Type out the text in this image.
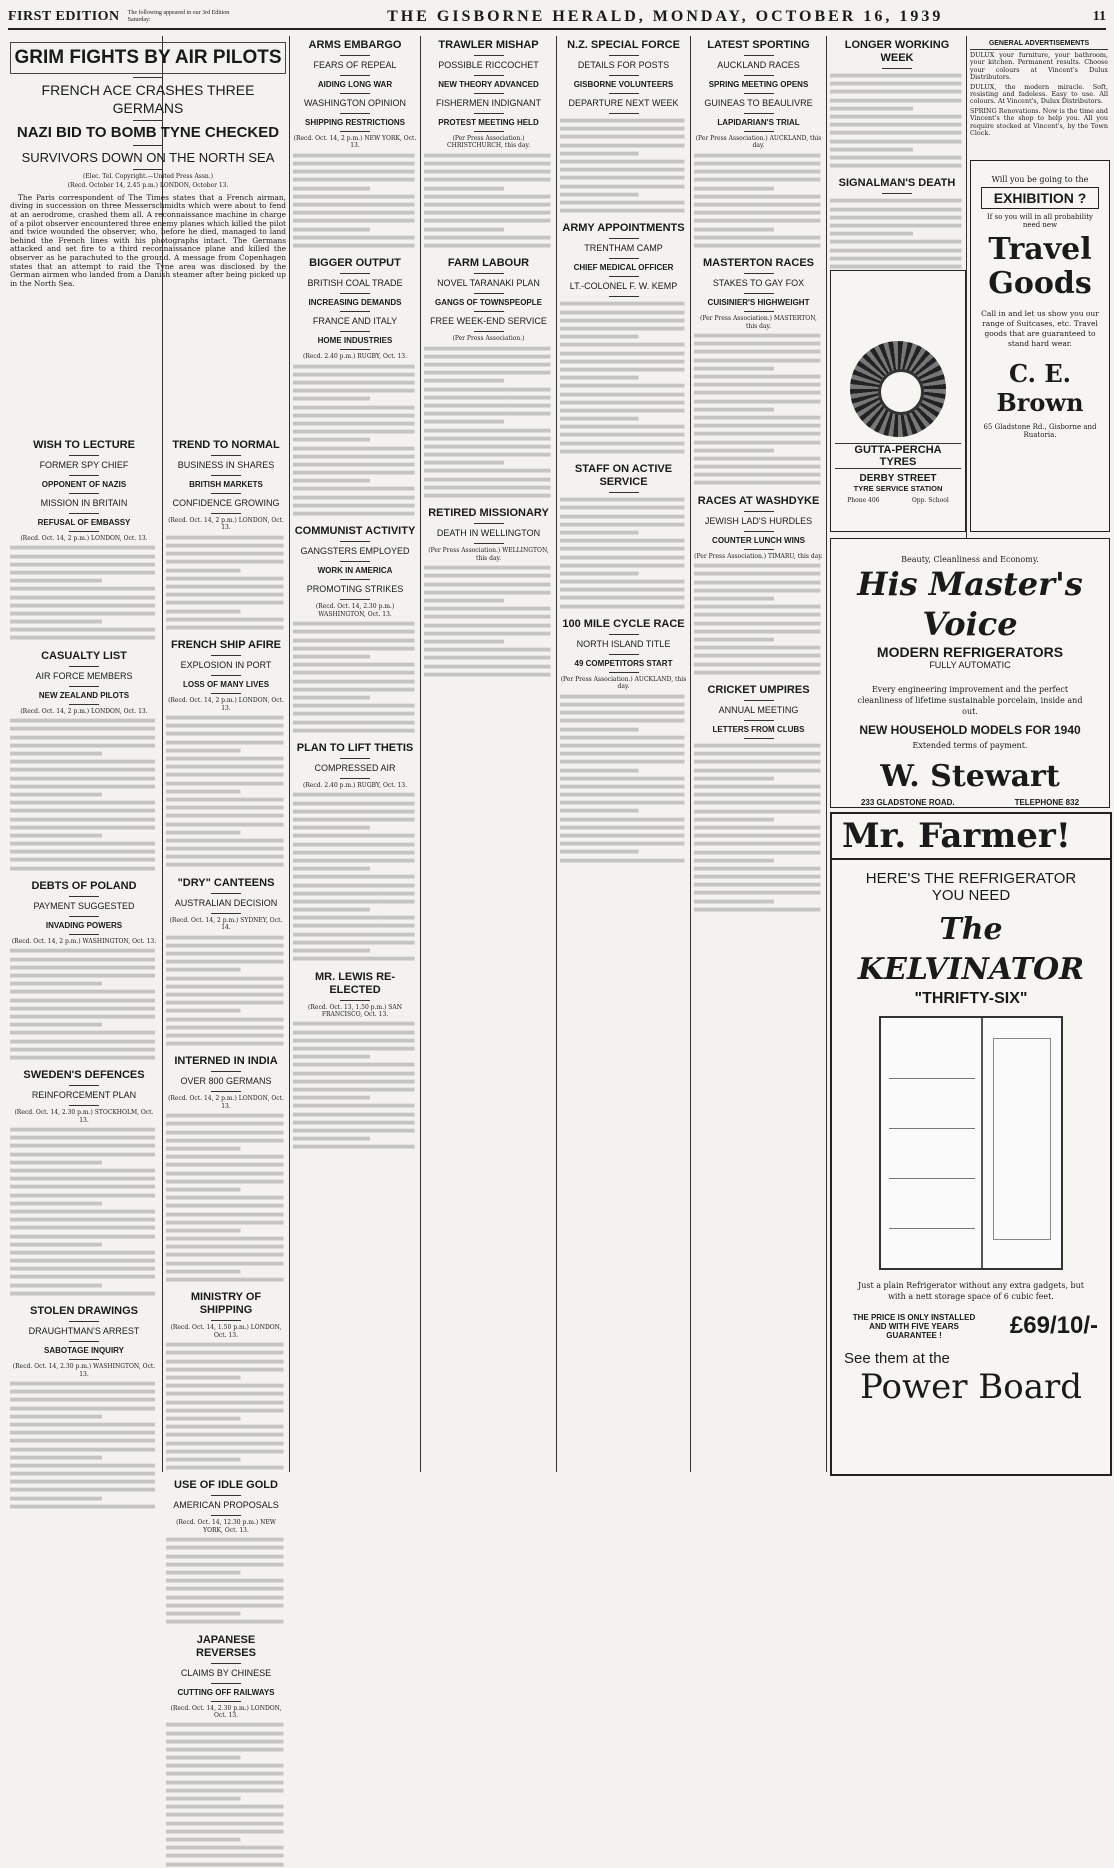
FIRST EDITION The following appeared in our 3rd Edition Saturday:	THE GISBORNE HERALD, MONDAY, OCTOBER 16, 1939	11
GRIM FIGHTS BY AIR PILOTS
FRENCH ACE CRASHES THREE GERMANS
NAZI BID TO BOMB TYNE CHECKED
SURVIVORS DOWN ON THE NORTH SEA
(Elec. Tel. Copyright.—United Press Assn.)
(Recd. October 14, 2.45 p.m.) LONDON, October 13.

The Paris correspondent of The Times states that a French airman, diving in succession on three Messerschmidts which were about to fend at an aerodrome, crashed them all. A reconnaissance machine in charge of a pilot observer encountered three enemy planes which killed the pilot and twice wounded the observer, who, before he died, managed to land behind the French lines with his photographs intact. The Germans attacked and set fire to a third reconnaissance plane and killed the observer as he parachuted to the ground. A message from Copenhagen states that an attempt to raid the Tyne area was disclosed by the German airmen who landed from a Danish steamer after being picked up in the North Sea.

WISH TO LECTURE
FORMER SPY CHIEF
OPPONENT OF NAZIS
MISSION IN BRITAIN
REFUSAL OF EMBASSY
(Recd. Oct. 14, 2 p.m.) LONDON, Oct. 13.
CASUALTY LIST
AIR FORCE MEMBERS
NEW ZEALAND PILOTS
(Recd. Oct. 14, 2 p.m.) LONDON, Oct. 13.
DEBTS OF POLAND
PAYMENT SUGGESTED
INVADING POWERS
(Recd. Oct. 14, 2 p.m.) WASHINGTON, Oct. 13.
SWEDEN'S DEFENCES
REINFORCEMENT PLAN
(Recd. Oct. 14, 2.30 p.m.) STOCKHOLM, Oct. 13.
STOLEN DRAWINGS
DRAUGHTMAN'S ARREST
SABOTAGE INQUIRY
(Recd. Oct. 14, 2.30 p.m.) WASHINGTON, Oct. 13.
TREND TO NORMAL
BUSINESS IN SHARES
BRITISH MARKETS
CONFIDENCE GROWING
(Recd. Oct. 14, 2 p.m.) LONDON, Oct. 13.
FRENCH SHIP AFIRE
EXPLOSION IN PORT
LOSS OF MANY LIVES
(Recd. Oct. 14, 2 p.m.) LONDON, Oct. 13.
"DRY" CANTEENS
AUSTRALIAN DECISION
(Recd. Oct. 14, 2 p.m.) SYDNEY, Oct. 14.
INTERNED IN INDIA
OVER 800 GERMANS
(Recd. Oct. 14, 2 p.m.) LONDON, Oct. 13.
MINISTRY OF SHIPPING
(Recd. Oct. 14, 1.50 p.m.) LONDON, Oct. 13.
USE OF IDLE GOLD
AMERICAN PROPOSALS
(Recd. Oct. 14, 12.30 p.m.) NEW YORK, Oct. 13.
JAPANESE REVERSES
CLAIMS BY CHINESE
CUTTING OFF RAILWAYS
(Recd. Oct. 14, 2.30 p.m.) LONDON, Oct. 13.
ARMS EMBARGO
FEARS OF REPEAL
AIDING LONG WAR
WASHINGTON OPINION
SHIPPING RESTRICTIONS
(Recd. Oct. 14, 2 p.m.) NEW YORK, Oct. 13.
BIGGER OUTPUT
BRITISH COAL TRADE
INCREASING DEMANDS
FRANCE AND ITALY
HOME INDUSTRIES
(Recd. 2.40 p.m.) RUGBY, Oct. 13.
COMMUNIST ACTIVITY
GANGSTERS EMPLOYED
WORK IN AMERICA
PROMOTING STRIKES
(Recd. Oct. 14, 2.30 p.m.) WASHINGTON, Oct. 13.
PLAN TO LIFT THETIS
COMPRESSED AIR
(Recd. 2.40 p.m.) RUGBY, Oct. 13.
MR. LEWIS RE-ELECTED
(Recd. Oct. 13, 1.50 p.m.) SAN FRANCISCO, Oct. 13.
TRAWLER MISHAP
POSSIBLE RICCOCHET
NEW THEORY ADVANCED
FISHERMEN INDIGNANT
PROTEST MEETING HELD
(Per Press Association.) CHRISTCHURCH, this day.
FARM LABOUR
NOVEL TARANAKI PLAN
GANGS OF TOWNSPEOPLE
FREE WEEK-END SERVICE
(Per Press Association.)
RETIRED MISSIONARY
DEATH IN WELLINGTON
(Per Press Association.) WELLINGTON, this day.
N.Z. SPECIAL FORCE
DETAILS FOR POSTS
GISBORNE VOLUNTEERS
DEPARTURE NEXT WEEK
ARMY APPOINTMENTS
TRENTHAM CAMP
CHIEF MEDICAL OFFICER
LT.-COLONEL F. W. KEMP
STAFF ON ACTIVE SERVICE
100 MILE CYCLE RACE
NORTH ISLAND TITLE
49 COMPETITORS START
(Per Press Association.) AUCKLAND, this day.
LATEST SPORTING
AUCKLAND RACES
SPRING MEETING OPENS
GUINEAS TO BEAULIVRE
LAPIDARIAN'S TRIAL
(Per Press Association.) AUCKLAND, this day.
MASTERTON RACES
STAKES TO GAY FOX
CUISINIER'S HIGHWEIGHT
(Per Press Association.) MASTERTON, this day.
RACES AT WASHDYKE
JEWISH LAD'S HURDLES
COUNTER LUNCH WINS
(Per Press Association.) TIMARU, this day.
CRICKET UMPIRES
ANNUAL MEETING
LETTERS FROM CLUBS
LONGER WORKING WEEK
SIGNALMAN'S DEATH
GENERAL ADVERTISEMENTS

DULUX your furniture, your bathroom, your kitchen. Permanent results. Choose your colours at Vincent's Dulux Distributors.

DULUX, the modern miracle. Soft, resisting and fadeless. Easy to use. All colours. At Vincent's, Dulux Distributors.

SPRING Renovations. Now is the time and Vincent's the shop to help you. All you require stocked at Vincent's, by the Town Clock.

GUTTA-PERCHA TYRES
DERBY STREET
TYRE SERVICE STATION
Phone 406	Opp. School
Will you be going to the
EXHIBITION ?
If so you will in all probability need new
Travel Goods
Call in and let us show you our range of Suitcases, etc. Travel goods that are guaranteed to stand hard wear.
C. E. Brown
65 Gladstone Rd., Gisborne and Ruatoria.
Beauty, Cleanliness and Economy.
His Master's Voice
MODERN REFRIGERATORS
FULLY AUTOMATIC
Every engineering improvement and the perfect cleanliness of lifetime sustainable porcelain, inside and out.
NEW HOUSEHOLD MODELS FOR 1940
Extended terms of payment.
W. Stewart
233 GLADSTONE ROAD.	TELEPHONE 832
Mr. Farmer!
HERE'S THE REFRIGERATOR
YOU NEED
The KELVINATOR
"THRIFTY-SIX"
Just a plain Refrigerator without any extra gadgets, but with a nett storage space of 6 cubic feet.
THE PRICE IS ONLY INSTALLED AND WITH FIVE YEARS GUARANTEE !	£69/10/-
See them at the
Power Board
